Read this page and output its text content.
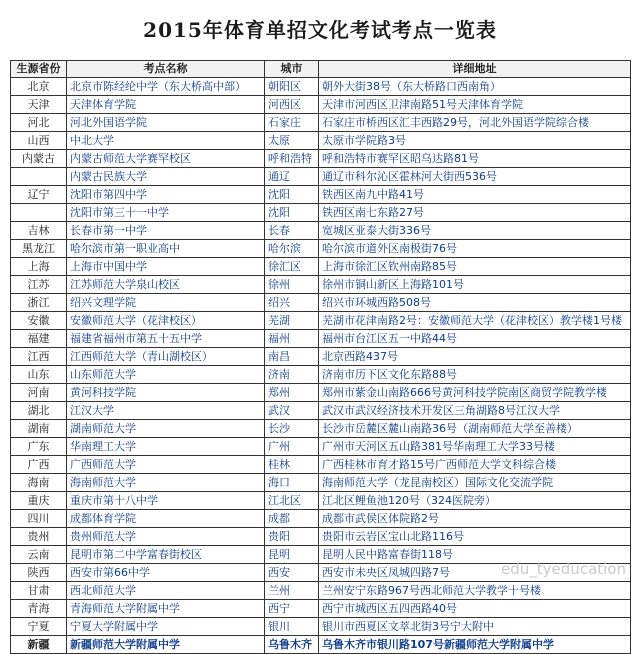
2015年体育单招文化考试考点一览表
生源省份	考点名称	城市	详细地址
北京	北京市陈经纶中学（东大桥高中部）	朝阳区	朝外大街38号（东大桥路口西南角）
天津	天津体育学院	河西区	天津市河西区卫津南路51号天津体育学院
河北	河北外国语学院	石家庄	石家庄市桥西区汇丰西路29号，河北外国语学院综合楼
山西	中北大学	太原	太原市学院路3号
内蒙古	内蒙古师范大学赛罕校区	呼和浩特	呼和浩特市赛罕区昭乌达路81号
	内蒙古民族大学	通辽	通辽市科尔沁区霍林河大街西536号
辽宁	沈阳市第四中学	沈阳	铁西区南九中路41号
	沈阳市第三十一中学	沈阳	铁西区南七东路27号
吉林	长春市第一中学	长春	宽城区亚泰大街336号
黑龙江	哈尔滨市第一职业高中	哈尔滨	哈尔滨市道外区南极街76号
上海	上海市中国中学	徐汇区	上海市徐汇区钦州南路85号
江苏	江苏师范大学泉山校区	徐州	徐州市铜山新区上海路101号
浙江	绍兴文理学院	绍兴	绍兴市环城西路508号
安徽	安徽师范大学（花津校区）	芜湖	芜湖市花津南路2号：安徽师范大学（花津校区）教学楼1号楼
福建	福建省福州市第五十五中学	福州	福州市台江区五一中路44号
江西	江西师范大学（青山湖校区）	南昌	北京西路437号
山东	山东师范大学	济南	济南市历下区文化东路88号
河南	黄河科技学院	郑州	郑州市紫金山南路666号黄河科技学院南区商贸学院教学楼
湖北	江汉大学	武汉	武汉市武汉经济技术开发区三角湖路8号江汉大学
湖南	湖南师范大学	长沙	长沙市岳麓区麓山南路36号（湖南师范大学至善楼）
广东	华南理工大学	广州	广州市天河区五山路381号华南理工大学33号楼
广西	广西师范大学	桂林	广西桂林市育才路15号广西师范大学文科综合楼
海南	海南师范大学	海口	海南师范大学（龙昆南校区）国际文化交流学院
重庆	重庆市第十八中学	江北区	江北区鲤鱼池120号（324医院旁）
四川	成都体育学院	成都	成都市武侯区体院路2号
贵州	贵州师范大学	贵阳	贵阳市云岩区宝山北路116号
云南	昆明市第二中学富春街校区	昆明	昆明人民中路富春街118号
陕西	西安市第66中学	西安	西安市未央区凤城四路7号
甘肃	西北师范大学	兰州	兰州安宁东路967号西北师范大学教学十号楼
青海	青海师范大学附属中学	西宁	西宁市城西区五四西路40号
宁夏	宁夏大学附属中学	银川	银川市西夏区文萃北街3号宁大附中
新疆	新疆师范大学附属中学	乌鲁木齐	乌鲁木齐市银川路107号新疆师范大学附属中学
edu_tyeducation
